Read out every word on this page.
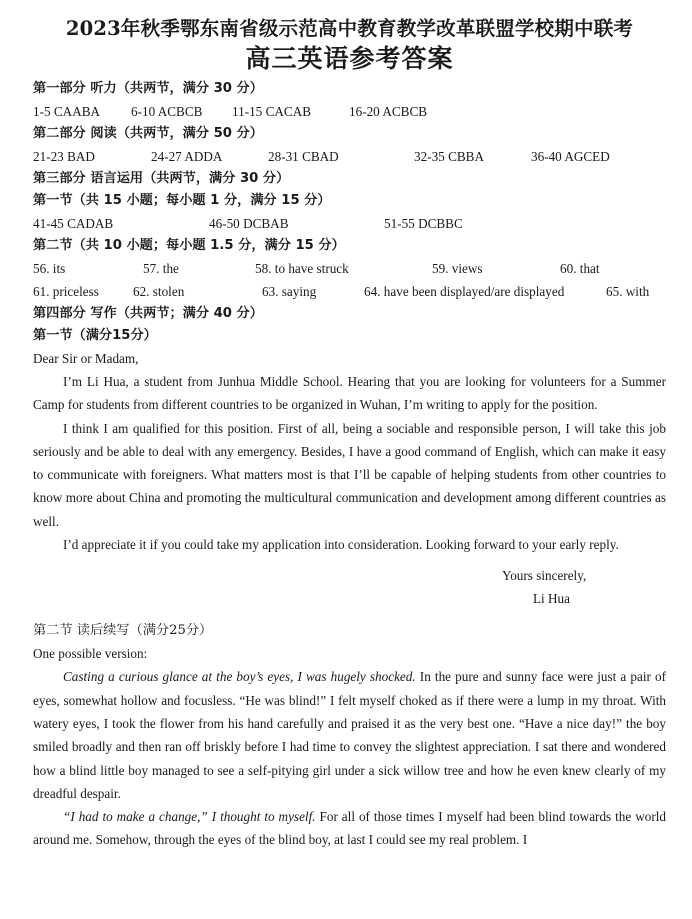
2023年秋季鄂东南省级示范高中教育教学改革联盟学校期中联考
高三英语参考答案
第一部分 听力（共两节，满分 30 分）
1-5 CAABA 6-10 ACBCB 11-15 CACAB	16-20 ACBCB
第二部分 阅读（共两节，满分 50 分）
21-23 BAD	24-27 ADDA	28-31 CBAD	32-35 CBBA	36-40 AGCED
第三部分 语言运用（共两节，满分 30 分）
第一节（共 15 小题；每小题 1 分，满分 15 分）
41-45 CADAB	46-50 DCBAB	51-55 DCBBC
第二节（共 10 小题；每小题 1.5 分，满分 15 分）
56. its	57. the	58. to have struck	59. views	60. that
61. priceless	62. stolen	63. saying	64. have been displayed/are displayed	65. with
第四部分 写作（共两节；满分 40 分）
第一节（满分15分）
Dear Sir or Madam,

I’m Li Hua, a student from Junhua Middle School. Hearing that you are looking for volunteers for a Summer Camp for students from different countries to be organized in Wuhan, I’m writing to apply for the position.

I think I am qualified for this position. First of all, being a sociable and responsible person, I will take this job seriously and be able to deal with any emergency. Besides, I have a good command of English, which can make it easy to communicate with foreigners. What matters most is that I’ll be capable of helping students from other countries to know more about China and promoting the multicultural communication and development among different countries as well.

I’d appreciate it if you could take my application into consideration. Looking forward to your early reply.

Yours sincerely,
Li Hua
第二节 读后续写（满分25分）
One possible version:

Casting a curious glance at the boy’s eyes, I was hugely shocked. In the pure and sunny face were just a pair of eyes, somewhat hollow and focusless. “He was blind!” I felt myself choked as if there were a lump in my throat. With watery eyes, I took the flower from his hand carefully and praised it as the very best one. “Have a nice day!” the boy smiled broadly and then ran off briskly before I had time to convey the slightest appreciation. I sat there and wondered how a blind little boy managed to see a self-pitying girl under a sick willow tree and how he even knew clearly of my dreadful despair.

“I had to make a change,” I thought to myself. For all of those times I myself had been blind towards the world around me. Somehow, through the eyes of the blind boy, at last I could see my real problem. I
